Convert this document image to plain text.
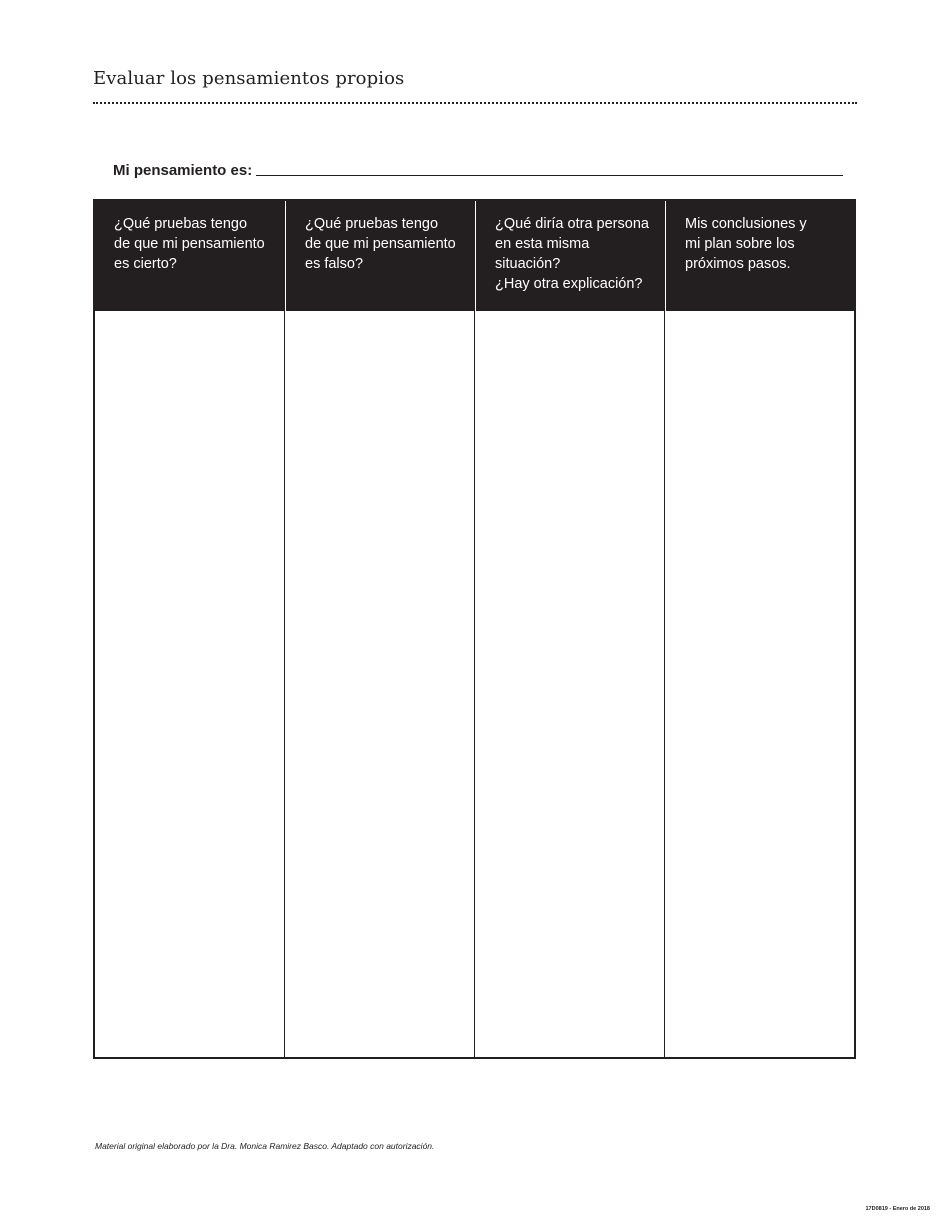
Evaluar los pensamientos propios
Mi pensamiento es:
¿Qué pruebas tengo
de que mi pensamiento
es cierto?
¿Qué pruebas tengo
de que mi pensamiento
es falso?
¿Qué diría otra persona
en esta misma situación?
¿Hay otra explicación?
Mis conclusiones y
mi plan sobre los
próximos pasos.
Material original elaborado por la Dra. Monica Ramirez Basco. Adaptado con autorización.
17D0819 - Enero de 2018
